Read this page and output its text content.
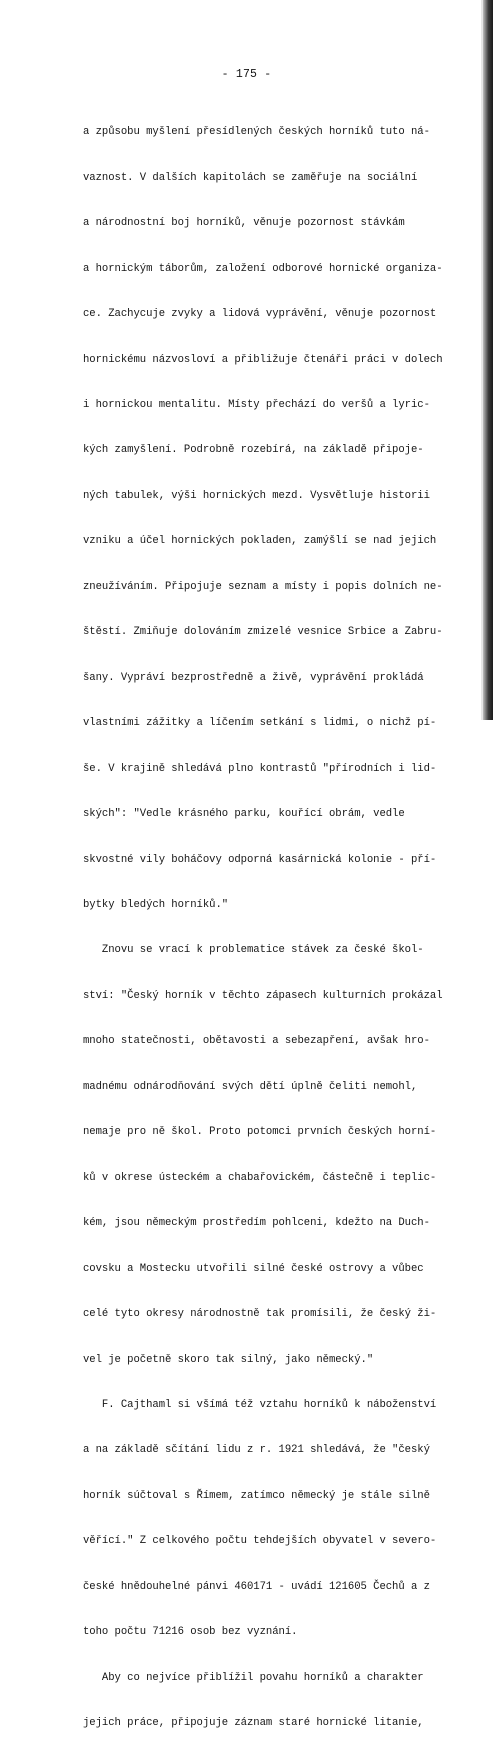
- 175 -

a způsobu myšlení přesídlených českých horníků tuto ná-

vaznost. V dalších kapitolách se zaměřuje na sociální

a národnostní boj horníků, věnuje pozornost stávkám

a hornickým táborům, založení odborové hornické organiza-

ce. Zachycuje zvyky a lidová vyprávění, věnuje pozornost

hornickému názvosloví a přibližuje čtenáři práci v dolech

i hornickou mentalitu. Místy přechází do veršů a lyric-

kých zamyšlení. Podrobně rozebírá, na základě připoje-

ných tabulek, výši hornických mezd. Vysvětluje historii

vzniku a účel hornických pokladen, zamýšlí se nad jejich

zneužíváním. Připojuje seznam a místy i popis dolních ne-

štěstí. Zmiňuje dolováním zmizelé vesnice Srbice a Zabru-

šany. Vypráví bezprostředně a živě, vyprávění prokládá

vlastními zážitky a líčením setkání s lidmi, o nichž pí-

še. V krajině shledává plno kontrastů "přírodních i lid-

ských": "Vedle krásného parku, kouřící obrám, vedle

skvostné vily boháčovy odporná kasárnická kolonie - pří-

bytky bledých horníků."

Znovu se vrací k problematice stávek za české škol-

ství: "Český horník v těchto zápasech kulturních prokázal

mnoho statečnosti, obětavosti a sebezapření, avšak hro-

madnému odnárodňování svých dětí úplně čeliti nemohl,

nemaje pro ně škol. Proto potomci prvních českých horní-

ků v okrese ústeckém a chabařovickém, částečně i teplic-

kém, jsou německým prostředím pohlceni, kdežto na Duch-

covsku a Mostecku utvořili silné české ostrovy a vůbec

celé tyto okresy národnostně tak promísili, že český ži-

vel je početně skoro tak silný, jako německý."

F. Cajthaml si všímá též vztahu horníků k náboženství

a na základě sčítání lidu z r. 1921 shledává, že "český

horník súčtoval s Římem, zatímco německý je stále silně

věřící." Z celkového počtu tehdejších obyvatel v severo-

české hnědouhelné pánvi 460171 - uvádí 121605 Čechů a z

toho počtu 71216 osob bez vyznání.

Aby co nejvíce přiblížil povahu horníků a charakter

jejich práce, připojuje záznam staré hornické litanie,
